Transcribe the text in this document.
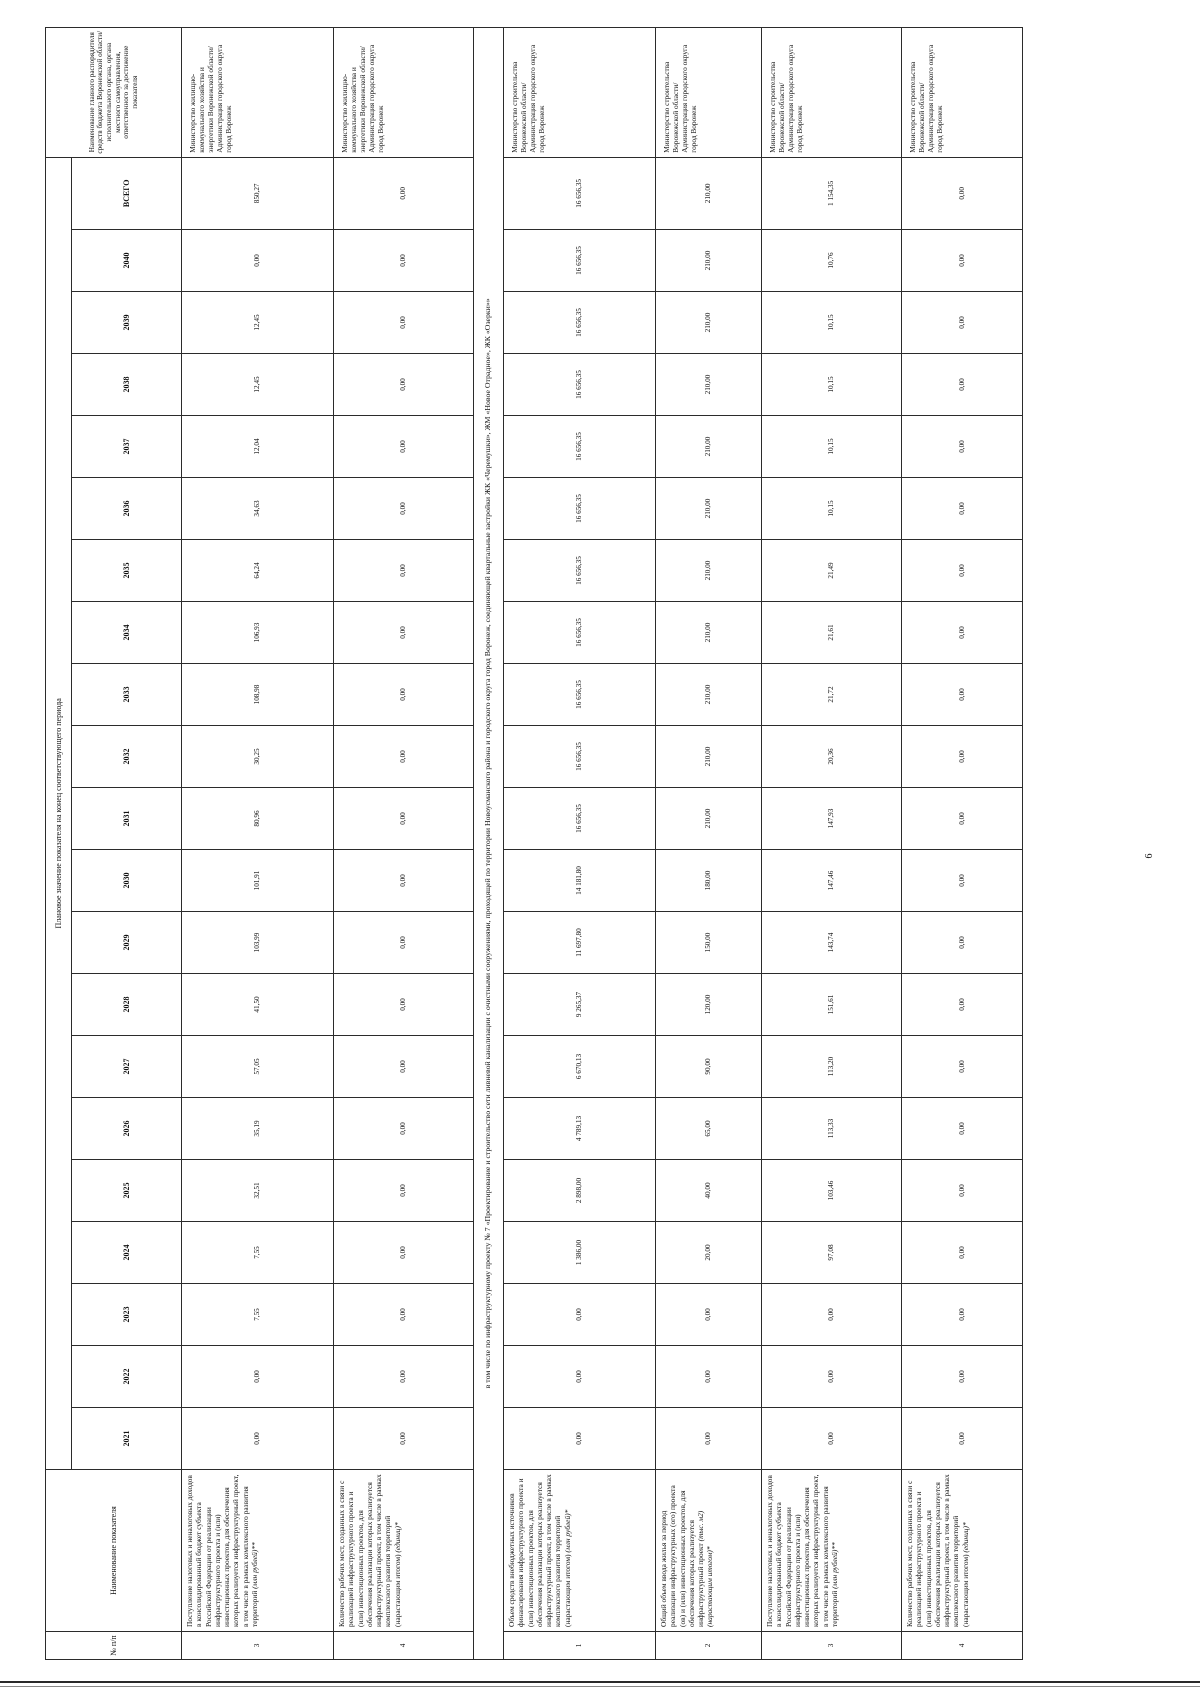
6
№ п/п	Наименование показателя	Плановое значение показателя на конец соответствующего периода																					Наименование главного распорядителя средств бюджета Воронежской области/исполнительного органа, органа местного самоуправления, ответственного за достижение показателя
		2021	2022	2023	2024	2025	2026	2027	2028	2029	2030	2031	2032	2033	2034	2035	2036	2037	2038	2039	2040	ВСЕГО	
3	Поступление налоговых и неналоговых доходов в консолидированный бюджет субъекта Российской Федерации от реализации инфраструктурного проекта и (или) инвестиционных проектов, для обеспечения которых реализуется инфраструктурный проект, в том числе в рамках комплексного развития территорий (млн рублей)**	0,00	0,00	7,55	7,55	32,51	35,19	57,05	41,50	103,99	101,91	80,96	30,25	108,98	106,93	64,24	34,63	12,04	12,45	12,45	0,00	850,27	Министерство жилищно-коммунального хозяйства и энергетики Воронежской области/ Администрация городского округа город Воронеж
4	Количество рабочих мест, созданных в связи с реализацией инфраструктурного проекта и (или) инвестиционных проектов, для обеспечения реализации которых реализуется инфраструктурный проект, в том числе в рамках комплексного развития территорий (нарастающим итогом) (единиц)*	0,00	0,00	0,00	0,00	0,00	0,00	0,00	0,00	0,00	0,00	0,00	0,00	0,00	0,00	0,00	0,00	0,00	0,00	0,00	0,00	0,00	Министерство жилищно-коммунального хозяйства и энергетики Воронежской области/ Администрация городского округа город Воронеж
в том числе по инфраструктурному проекту № 7 «Проектирование и строительство сети ливневой канализации с очистными сооружениями, проходящей по территории Новоусманского района и городского округа город Воронеж, соединяющей квартальные застройки ЖК «Черемушки», ЖМ «Новое Отрадное», ЖК «Озерки»»																							
1	Объем средств внебюджетных источников финансирования инфраструктурного проекта и (или) инвестиционных проектов, для обеспечения реализации которых реализуется инфраструктурный проект, в том числе в рамках комплексного развития территорий (нарастающим итогом) (млн рублей)*	0,00	0,00	0,00	1 386,00	2 898,00	4 789,13	6 670,13	9 265,37	11 697,80	14 181,80	16 656,35	16 656,35	16 656,35	16 656,35	16 656,35	16 656,35	16 656,35	16 656,35	16 656,35	16 656,35	16 656,35	Министерство строительства Воронежской области/ Администрация городского округа город Воронеж
2	Общий объем ввода жилья за период реализации инфраструктурных (ого) проекта (ов) и (или) инвестиционных проектов, для обеспечения которых реализуется инфраструктурный проект (тыс. м2) (нарастающим итогом)*	0,00	0,00	0,00	20,00	40,00	65,00	90,00	120,00	150,00	180,00	210,00	210,00	210,00	210,00	210,00	210,00	210,00	210,00	210,00	210,00	210,00	Министерство строительства Воронежской области/ Администрация городского округа город Воронеж
3	Поступление налоговых и неналоговых доходов в консолидированный бюджет субъекта Российской Федерации от реализации инфраструктурного проекта и (или) инвестиционных проектов, для обеспечения которых реализуется инфраструктурный проект, в том числе в рамках комплексного развития территорий (млн рублей)**	0,00	0,00	0,00	97,08	103,46	113,33	113,20	151,61	143,74	147,46	147,93	20,36	21,72	21,61	21,49	10,15	10,15	10,15	10,15	10,76	1 154,35	Министерство строительства Воронежской области/ Администрация городского округа город Воронеж
4	Количество рабочих мест, созданных в связи с реализацией инфраструктурного проекта и (или) инвестиционных проектов, для обеспечения реализации которых реализуется инфраструктурный проект, в том числе в рамках комплексного развития территорий (нарастающим итогом) (единиц)*	0,00	0,00	0,00	0,00	0,00	0,00	0,00	0,00	0,00	0,00	0,00	0,00	0,00	0,00	0,00	0,00	0,00	0,00	0,00	0,00	0,00	Министерство строительства Воронежской области/ Администрация городского округа город Воронеж
